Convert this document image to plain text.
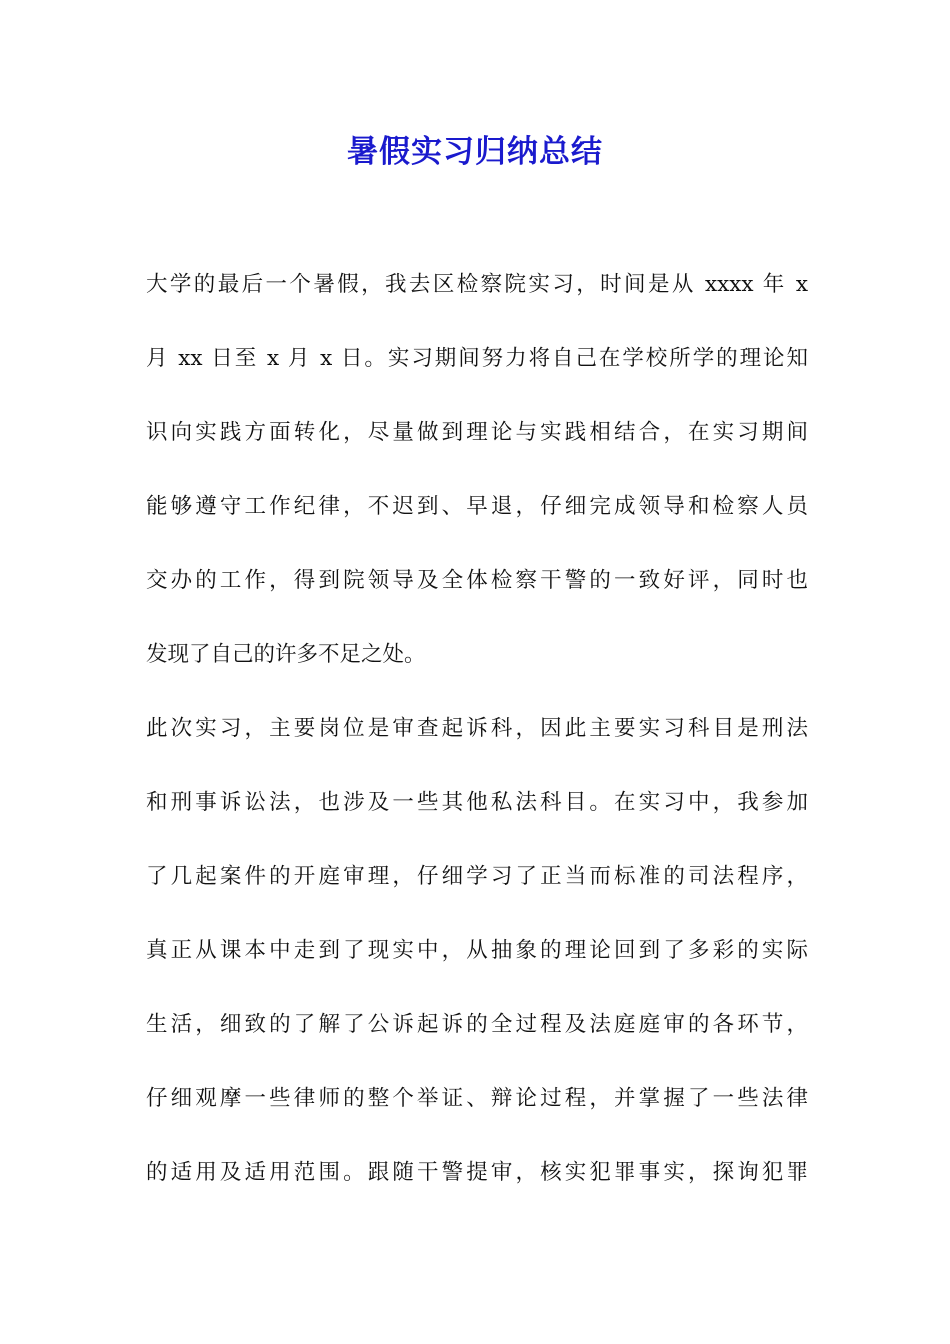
暑假实习归纳总结
大学的最后一个暑假，我去区检察院实习，时间是从 xxxx 年 x
月 xx 日至 x 月 x 日。实习期间努力将自己在学校所学的理论知
识向实践方面转化，尽量做到理论与实践相结合，在实习期间
能够遵守工作纪律，不迟到、早退，仔细完成领导和检察人员
交办的工作，得到院领导及全体检察干警的一致好评，同时也
发现了自己的许多不足之处。
此次实习，主要岗位是审查起诉科，因此主要实习科目是刑法
和刑事诉讼法，也涉及一些其他私法科目。在实习中，我参加
了几起案件的开庭审理，仔细学习了正当而标准的司法程序，
真正从课本中走到了现实中，从抽象的理论回到了多彩的实际
生活，细致的了解了公诉起诉的全过程及法庭庭审的各环节，
仔细观摩一些律师的整个举证、辩论过程，并掌握了一些法律
的适用及适用范围。跟随干警提审，核实犯罪事实，探询犯罪
